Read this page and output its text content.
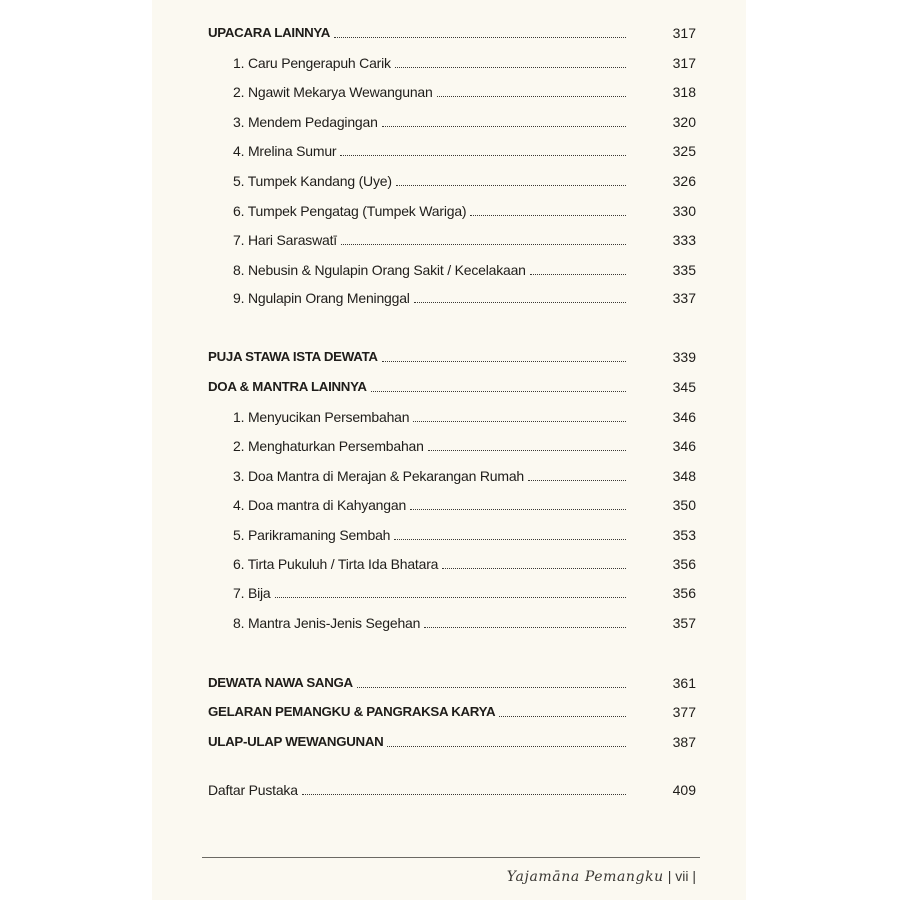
UPACARA LAINNYA	317
1. Caru Pengerapuh Carik	317
2. Ngawit Mekarya Wewangunan	318
3. Mendem Pedagingan	320
4. Mrelina Sumur	325
5. Tumpek Kandang (Uye)	326
6. Tumpek Pengatag (Tumpek Wariga)	330
7. Hari Saraswatī	333
8. Nebusin & Ngulapin Orang Sakit / Kecelakaan	335
9. Ngulapin Orang Meninggal	337
PUJA STAWA ISTA DEWATA	339
DOA & MANTRA LAINNYA	345
1. Menyucikan Persembahan	346
2. Menghaturkan Persembahan	346
3. Doa Mantra di Merajan & Pekarangan Rumah	348
4. Doa mantra di Kahyangan	350
5. Parikramaning Sembah	353
6. Tirta Pukuluh / Tirta Ida Bhatara	356
7. Bija	356
8. Mantra Jenis-Jenis Segehan	357
DEWATA NAWA SANGA	361
GELARAN PEMANGKU & PANGRAKSA KARYA	377
ULAP-ULAP WEWANGUNAN	387
Daftar Pustaka	409
Yajamāna Pemangku | vii |
